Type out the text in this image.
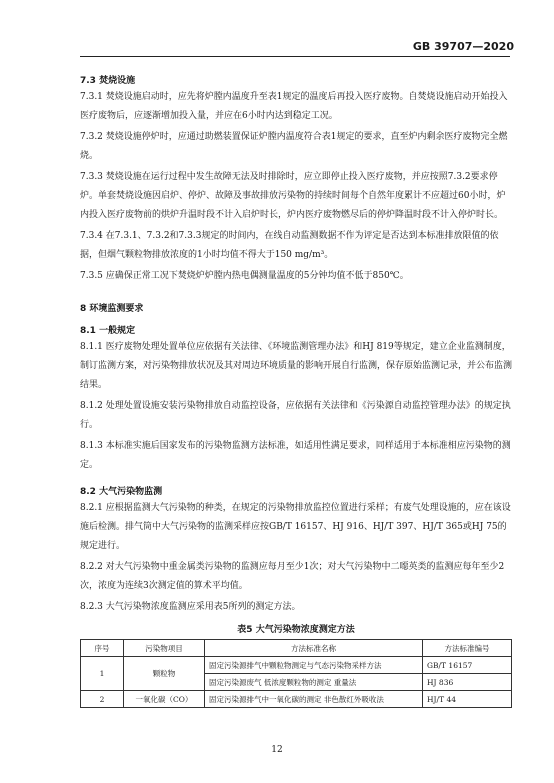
GB 39707—2020
7.3 焚烧设施
7.3.1 焚烧设施启动时，应先将炉膛内温度升至表1规定的温度后再投入医疗废物。自焚烧设施启动开始投入医疗废物后，应逐渐增加投入量，并应在6小时内达到稳定工况。
7.3.2 焚烧设施停炉时，应通过助燃装置保证炉膛内温度符合表1规定的要求，直至炉内剩余医疗废物完全燃烧。
7.3.3 焚烧设施在运行过程中发生故障无法及时排除时，应立即停止投入医疗废物，并应按照7.3.2要求停炉。单套焚烧设施因启炉、停炉、故障及事故排放污染物的持续时间每个自然年度累计不应超过60小时，炉内投入医疗废物前的烘炉升温时段不计入启炉时长，炉内医疗废物燃尽后的停炉降温时段不计入停炉时长。
7.3.4 在7.3.1、7.3.2和7.3.3规定的时间内，在线自动监测数据不作为评定是否达到本标准排放限值的依据，但烟气颗粒物排放浓度的1小时均值不得大于150 mg/m³。
7.3.5 应确保正常工况下焚烧炉炉膛内热电偶测量温度的5分钟均值不低于850℃。
8 环境监测要求
8.1 一般规定
8.1.1 医疗废物处理处置单位应依据有关法律、《环境监测管理办法》和HJ 819等规定，建立企业监测制度，制订监测方案，对污染物排放状况及其对周边环境质量的影响开展自行监测，保存原始监测记录，并公布监测结果。
8.1.2 处理处置设施安装污染物排放自动监控设备，应依据有关法律和《污染源自动监控管理办法》的规定执行。
8.1.3 本标准实施后国家发布的污染物监测方法标准，如适用性满足要求，同样适用于本标准相应污染物的测定。
8.2 大气污染物监测
8.2.1 应根据监测大气污染物的种类，在规定的污染物排放监控位置进行采样；有废气处理设施的，应在该设施后检测。排气筒中大气污染物的监测采样应按GB/T 16157、HJ 916、HJ/T 397、HJ/T 365或HJ 75的规定进行。
8.2.2 对大气污染物中重金属类污染物的监测应每月至少1次；对大气污染物中二噁英类的监测应每年至少2次，浓度为连续3次测定值的算术平均值。
8.2.3 大气污染物浓度监测应采用表5所列的测定方法。
表5 大气污染物浓度测定方法
序号	污染物项目	方法标准名称	方法标准编号
1	颗粒物	固定污染源排气中颗粒物测定与气态污染物采样方法	GB/T 16157
		固定污染源废气 低浓度颗粒物的测定 重量法	HJ 836
2	一氧化碳（CO）	固定污染源排气中一氧化碳的测定 非色散红外吸收法	HJ/T 44
12
